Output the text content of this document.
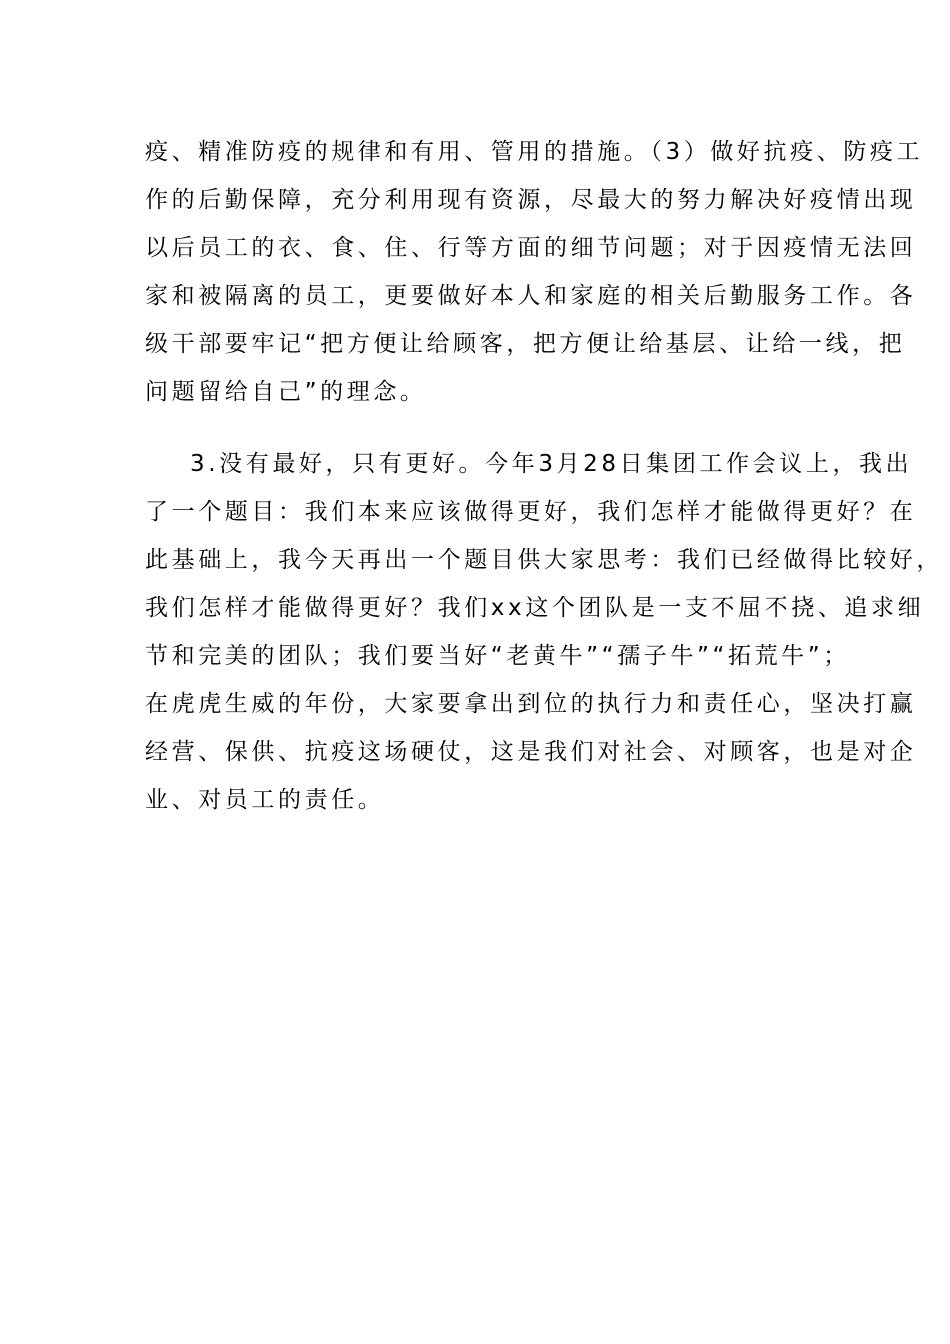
疫、精准防疫的规律和有用、管用的措施。（3）做好抗疫、防疫工
作的后勤保障，充分利用现有资源，尽最大的努力解决好疫情出现
以后员工的衣、食、住、行等方面的细节问题；对于因疫情无法回
家和被隔离的员工，更要做好本人和家庭的相关后勤服务工作。各
级干部要牢记“把方便让给顾客，把方便让给基层、让给一线，把
问题留给自己”的理念。
3.没有最好，只有更好。今年3月28日集团工作会议上，我出
了一个题目：我们本来应该做得更好，我们怎样才能做得更好？在
此基础上，我今天再出一个题目供大家思考：我们已经做得比较好，
我们怎样才能做得更好？我们xx这个团队是一支不屈不挠、追求细
节和完美的团队；我们要当好“老黄牛”“孺子牛”“拓荒牛”；
在虎虎生威的年份，大家要拿出到位的执行力和责任心，坚决打赢
经营、保供、抗疫这场硬仗，这是我们对社会、对顾客，也是对企
业、对员工的责任。
